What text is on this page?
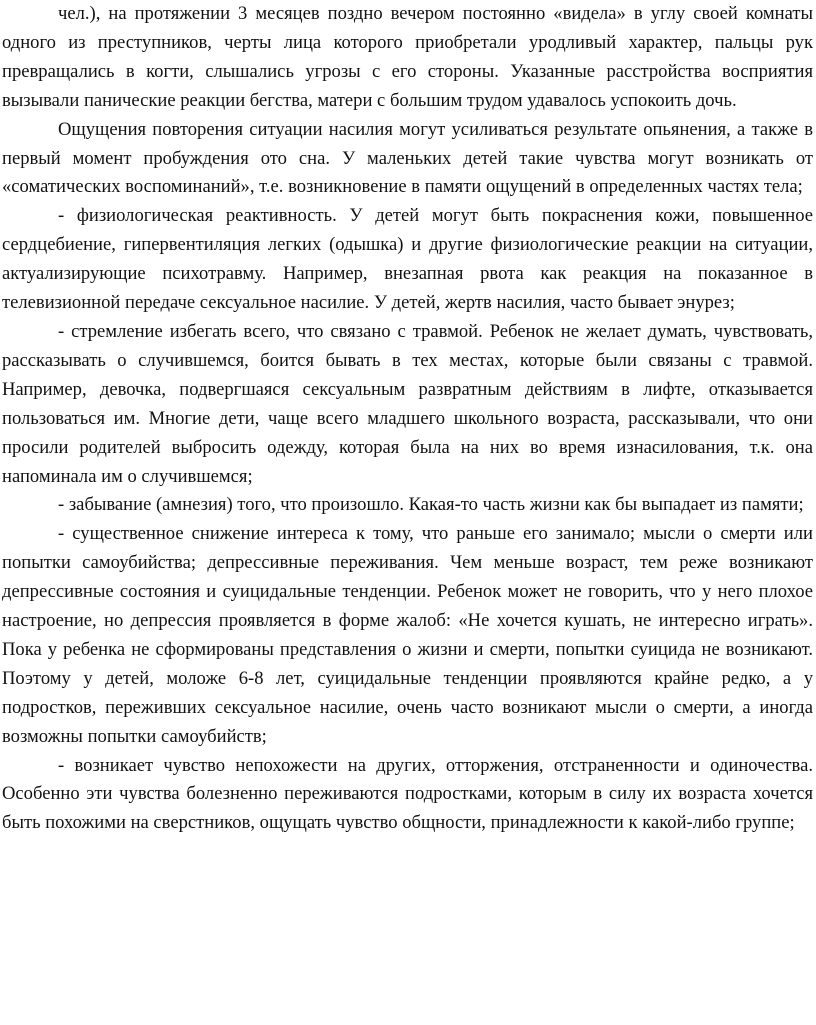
чел.), на протяжении 3 месяцев поздно вечером постоянно «видела» в углу своей комнаты одного из преступников, черты лица которого приобретали уродливый характер, пальцы рук превращались в когти, слышались угрозы с его стороны. Указанные расстройства восприятия вызывали панические реакции бегства, матери с большим трудом удавалось успокоить дочь.

Ощущения повторения ситуации насилия могут усиливаться результате опьянения, а также в первый момент пробуждения ото сна. У маленьких детей такие чувства могут возникать от «соматических воспоминаний», т.е. возникновение в памяти ощущений в определенных частях тела;

- физиологическая реактивность. У детей могут быть покраснения кожи, повышенное сердцебиение, гипервентиляция легких (одышка) и другие физиологические реакции на ситуации, актуализирующие психотравму. Например, внезапная рвота как реакция на показанное в телевизионной передаче сексуальное насилие. У детей, жертв насилия, часто бывает энурез;

- стремление избегать всего, что связано с травмой. Ребенок не желает думать, чувствовать, рассказывать о случившемся, боится бывать в тех местах, которые были связаны с травмой. Например, девочка, подвергшаяся сексуальным развратным действиям в лифте, отказывается пользоваться им. Многие дети, чаще всего младшего школьного возраста, рассказывали, что они просили родителей выбросить одежду, которая была на них во время изнасилования, т.к. она напоминала им о случившемся;

- забывание (амнезия) того, что произошло. Какая-то часть жизни как бы выпадает из памяти;

- существенное снижение интереса к тому, что раньше его занимало; мысли о смерти или попытки самоубийства; депрессивные переживания. Чем меньше возраст, тем реже возникают депрессивные состояния и суицидальные тенденции. Ребенок может не говорить, что у него плохое настроение, но депрессия проявляется в форме жалоб: «Не хочется кушать, не интересно играть». Пока у ребенка не сформированы представления о жизни и смерти, попытки суицида не возникают. Поэтому у детей, моложе 6-8 лет, суицидальные тенденции проявляются крайне редко, а у подростков, переживших сексуальное насилие, очень часто возникают мысли о смерти, а иногда возможны попытки самоубийств;

- возникает чувство непохожести на других, отторжения, отстраненности и одиночества. Особенно эти чувства болезненно переживаются подростками, которым в силу их возраста хочется быть похожими на сверстников, ощущать чувство общности, принадлежности к какой-либо группе;
